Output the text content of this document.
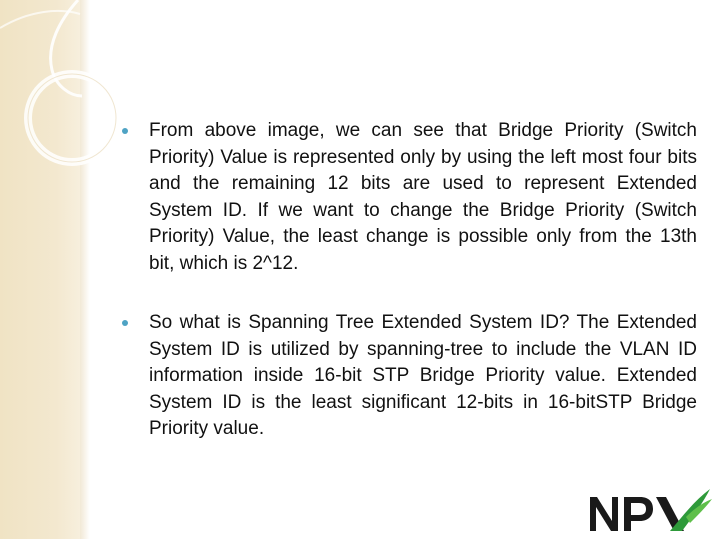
From above image, we can see that Bridge Priority (Switch Priority) Value is represented only by using the left most four bits and the remaining 12 bits are used to represent Extended System ID. If we want to change the Bridge Priority (Switch Priority) Value, the least change is possible only from the 13th bit, which is 2^12.
So what is Spanning Tree Extended System ID? The Extended System ID is utilized by spanning-tree to include the VLAN ID information inside 16-bit STP Bridge Priority value. Extended System ID is the least significant 12-bits in 16-bitSTP Bridge Priority value.
